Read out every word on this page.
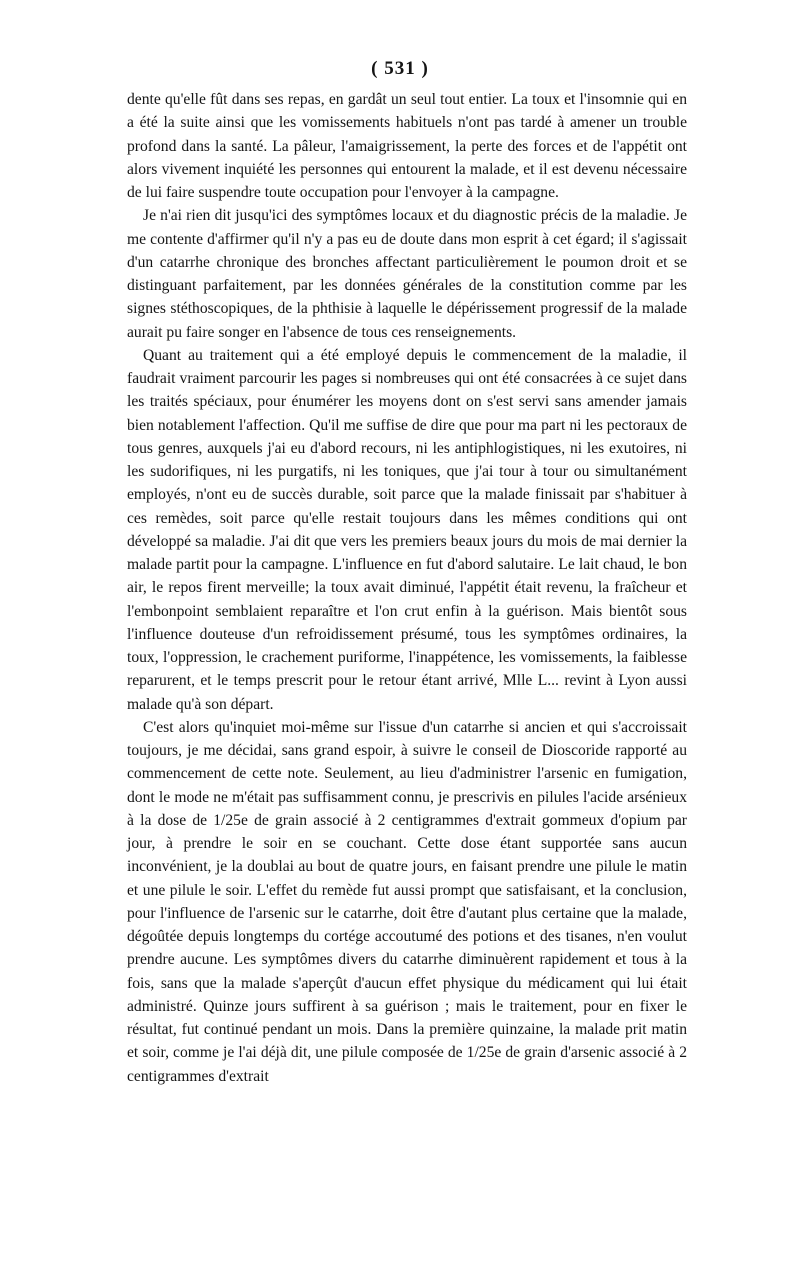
( 531 )

dente qu'elle fût dans ses repas, en gardât un seul tout entier. La toux et l'insomnie qui en a été la suite ainsi que les vomissements habituels n'ont pas tardé à amener un trouble profond dans la santé. La pâleur, l'amaigrissement, la perte des forces et de l'appétit ont alors vivement inquiété les personnes qui entourent la malade, et il est devenu nécessaire de lui faire suspendre toute occupation pour l'envoyer à la campagne.

Je n'ai rien dit jusqu'ici des symptômes locaux et du diagnostic précis de la maladie. Je me contente d'affirmer qu'il n'y a pas eu de doute dans mon esprit à cet égard; il s'agissait d'un catarrhe chronique des bronches affectant particulièrement le poumon droit et se distinguant parfaitement, par les données générales de la constitution comme par les signes stéthoscopiques, de la phthisie à laquelle le dépérissement progressif de la malade aurait pu faire songer en l'absence de tous ces renseignements.

Quant au traitement qui a été employé depuis le commencement de la maladie, il faudrait vraiment parcourir les pages si nombreuses qui ont été consacrées à ce sujet dans les traités spéciaux, pour énumérer les moyens dont on s'est servi sans amender jamais bien notablement l'affection. Qu'il me suffise de dire que pour ma part ni les pectoraux de tous genres, auxquels j'ai eu d'abord recours, ni les antiphlogistiques, ni les exutoires, ni les sudorifiques, ni les purgatifs, ni les toniques, que j'ai tour à tour ou simultanément employés, n'ont eu de succès durable, soit parce que la malade finissait par s'habituer à ces remèdes, soit parce qu'elle restait toujours dans les mêmes conditions qui ont développé sa maladie. J'ai dit que vers les premiers beaux jours du mois de mai dernier la malade partit pour la campagne. L'influence en fut d'abord salutaire. Le lait chaud, le bon air, le repos firent merveille; la toux avait diminué, l'appétit était revenu, la fraîcheur et l'embonpoint semblaient reparaître et l'on crut enfin à la guérison. Mais bientôt sous l'influence douteuse d'un refroidissement présumé, tous les symptômes ordinaires, la toux, l'oppression, le crachement puriforme, l'inappétence, les vomissements, la faiblesse reparurent, et le temps prescrit pour le retour étant arrivé, Mlle L... revint à Lyon aussi malade qu'à son départ.

C'est alors qu'inquiet moi-même sur l'issue d'un catarrhe si ancien et qui s'accroissait toujours, je me décidai, sans grand espoir, à suivre le conseil de Dioscoride rapporté au commencement de cette note. Seulement, au lieu d'administrer l'arsenic en fumigation, dont le mode ne m'était pas suffisamment connu, je prescrivis en pilules l'acide arsénieux à la dose de 1/25e de grain associé à 2 centigrammes d'extrait gommeux d'opium par jour, à prendre le soir en se couchant. Cette dose étant supportée sans aucun inconvénient, je la doublai au bout de quatre jours, en faisant prendre une pilule le matin et une pilule le soir. L'effet du remède fut aussi prompt que satisfaisant, et la conclusion, pour l'influence de l'arsenic sur le catarrhe, doit être d'autant plus certaine que la malade, dégoûtée depuis longtemps du cortége accoutumé des potions et des tisanes, n'en voulut prendre aucune. Les symptômes divers du catarrhe diminuèrent rapidement et tous à la fois, sans que la malade s'aperçût d'aucun effet physique du médicament qui lui était administré. Quinze jours suffirent à sa guérison ; mais le traitement, pour en fixer le résultat, fut continué pendant un mois. Dans la première quinzaine, la malade prit matin et soir, comme je l'ai déjà dit, une pilule composée de 1/25e de grain d'arsenic associé à 2 centigrammes d'extrait
